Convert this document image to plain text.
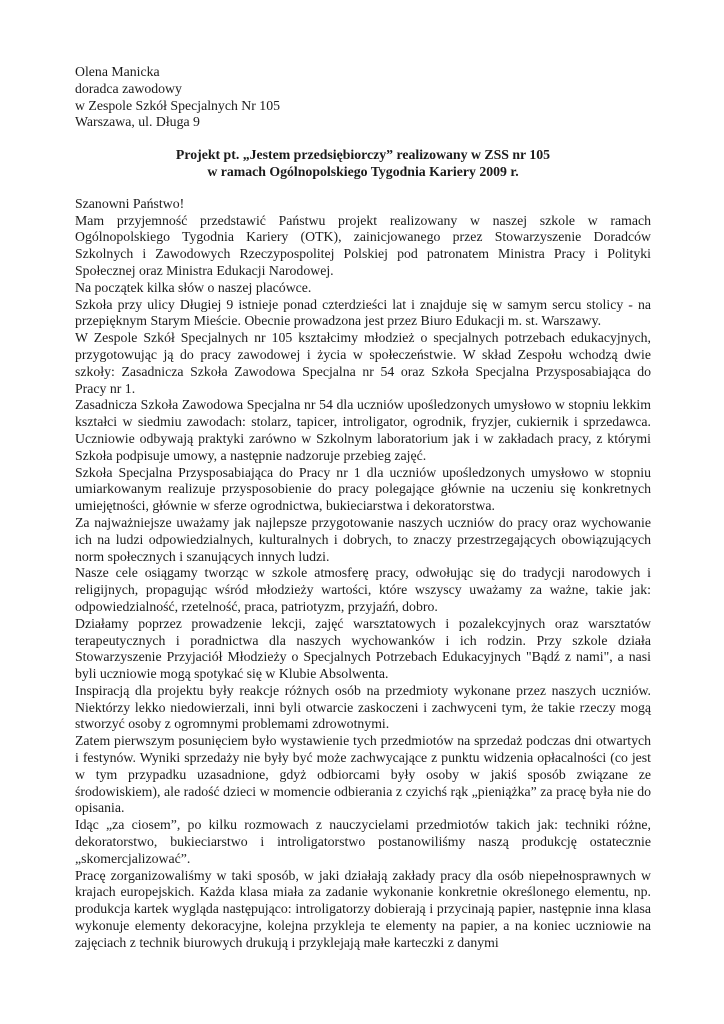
Olena Manicka
doradca zawodowy
w Zespole Szkół Specjalnych Nr 105
Warszawa, ul. Długa 9
Projekt pt. „Jestem przedsiębiorczy” realizowany w ZSS nr 105
w ramach Ogólnopolskiego Tygodnia Kariery 2009 r.

Szanowni Państwo!

Mam przyjemność przedstawić Państwu projekt realizowany w naszej szkole w ramach Ogólnopolskiego Tygodnia Kariery (OTK), zainicjowanego przez Stowarzyszenie Doradców Szkolnych i Zawodowych Rzeczypospolitej Polskiej pod patronatem Ministra Pracy i Polityki Społecznej oraz Ministra Edukacji Narodowej.

Na początek kilka słów o naszej placówce.

Szkoła przy ulicy Długiej 9 istnieje ponad czterdzieści lat i znajduje się w samym sercu stolicy - na przepięknym Starym Mieście. Obecnie prowadzona jest przez Biuro Edukacji m. st. Warszawy.

W Zespole Szkół Specjalnych nr 105 kształcimy młodzież o specjalnych potrzebach edukacyjnych, przygotowując ją do pracy zawodowej i życia w społeczeństwie. W skład Zespołu wchodzą dwie szkoły: Zasadnicza Szkoła Zawodowa Specjalna nr 54 oraz Szkoła Specjalna Przysposabiająca do Pracy nr 1.

Zasadnicza Szkoła Zawodowa Specjalna nr 54 dla uczniów upośledzonych umysłowo w stopniu lekkim kształci w siedmiu zawodach: stolarz, tapicer, introligator, ogrodnik, fryzjer, cukiernik i sprzedawca. Uczniowie odbywają praktyki zarówno w Szkolnym laboratorium jak i w zakładach pracy, z którymi Szkoła podpisuje umowy, a następnie nadzoruje przebieg zajęć.

Szkoła Specjalna Przysposabiająca do Pracy nr 1 dla uczniów upośledzonych umysłowo w stopniu umiarkowanym realizuje przysposobienie do pracy polegające głównie na uczeniu się konkretnych umiejętności, głównie w sferze ogrodnictwa, bukieciarstwa i dekoratorstwa.

Za najważniejsze uważamy jak najlepsze przygotowanie naszych uczniów do pracy oraz wychowanie ich na ludzi odpowiedzialnych, kulturalnych i dobrych, to znaczy przestrzegających obowiązujących norm społecznych i szanujących innych ludzi.

Nasze cele osiągamy tworząc w szkole atmosferę pracy, odwołując się do tradycji narodowych i religijnych, propagując wśród młodzieży wartości, które wszyscy uważamy za ważne, takie jak: odpowiedzialność, rzetelność, praca, patriotyzm, przyjaźń, dobro.

Działamy poprzez prowadzenie lekcji, zajęć warsztatowych i pozalekcyjnych oraz warsztatów terapeutycznych i poradnictwa dla naszych wychowanków i ich rodzin. Przy szkole działa Stowarzyszenie Przyjaciół Młodzieży o Specjalnych Potrzebach Edukacyjnych "Bądź z nami", a nasi byli uczniowie mogą spotykać się w Klubie Absolwenta.

Inspiracją dla projektu były reakcje różnych osób na przedmioty wykonane przez naszych uczniów. Niektórzy lekko niedowierzali, inni byli otwarcie zaskoczeni i zachwyceni tym, że takie rzeczy mogą stworzyć osoby z ogromnymi problemami zdrowotnymi.

Zatem pierwszym posunięciem było wystawienie tych przedmiotów na sprzedaż podczas dni otwartych i festynów. Wyniki sprzedaży nie były być może zachwycające z punktu widzenia opłacalności (co jest w tym przypadku uzasadnione, gdyż odbiorcami były osoby w jakiś sposób związane ze środowiskiem), ale radość dzieci w momencie odbierania z czyichś rąk „pieniążka” za pracę była nie do opisania.

Idąc „za ciosem”, po kilku rozmowach z nauczycielami przedmiotów takich jak: techniki różne, dekoratorstwo, bukieciarstwo i introligatorstwo postanowiliśmy naszą produkcję ostatecznie „skomercjalizować”.

Pracę zorganizowaliśmy w taki sposób, w jaki działają zakłady pracy dla osób niepełnosprawnych w krajach europejskich. Każda klasa miała za zadanie wykonanie konkretnie określonego elementu, np. produkcja kartek wygląda następująco: introligatorzy dobierają i przycinają papier, następnie inna klasa wykonuje elementy dekoracyjne, kolejna przykleja te elementy na papier, a na koniec uczniowie na zajęciach z technik biurowych drukują i przyklejają małe karteczki z danymi
